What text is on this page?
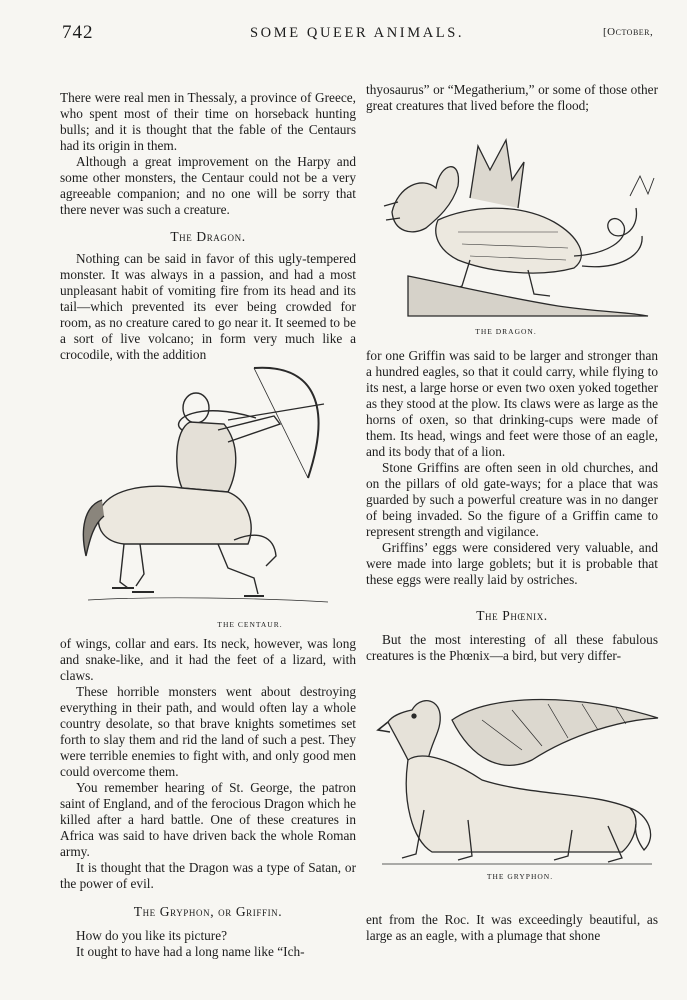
742	SOME QUEER ANIMALS.	[October,

There were real men in Thessaly, a province of Greece, who spent most of their time on horseback hunting bulls; and it is thought that the fable of the Centaurs had its origin in them.

Although a great improvement on the Harpy and some other monsters, the Centaur could not be a very agreeable companion; and no one will be sorry that there never was such a creature.

The Dragon.

Nothing can be said in favor of this ugly-tempered monster. It was always in a passion, and had a most unpleasant habit of vomiting fire from its head and its tail—which prevented its ever being crowded for room, as no creature cared to go near it. It seemed to be a sort of live volcano; in form very much like a crocodile, with the addition

THE CENTAUR.

of wings, collar and ears. Its neck, however, was long and snake-like, and it had the feet of a lizard, with claws.

These horrible monsters went about destroying everything in their path, and would often lay a whole country desolate, so that brave knights sometimes set forth to slay them and rid the land of such a pest. They were terrible enemies to fight with, and only good men could overcome them.

You remember hearing of St. George, the patron saint of England, and of the ferocious Dragon which he killed after a hard battle. One of these creatures in Africa was said to have driven back the whole Roman army.

It is thought that the Dragon was a type of Satan, or the power of evil.

The Gryphon, or Griffin.

How do you like its picture?

It ought to have had a long name like “Ich-

thyosaurus” or “Megatherium,” or some of those other great creatures that lived before the flood;

THE DRAGON.

for one Griffin was said to be larger and stronger than a hundred eagles, so that it could carry, while flying to its nest, a large horse or even two oxen yoked together as they stood at the plow. Its claws were as large as the horns of oxen, so that drinking-cups were made of them. Its head, wings and feet were those of an eagle, and its body that of a lion.

Stone Griffins are often seen in old churches, and on the pillars of old gate-ways; for a place that was guarded by such a powerful creature was in no danger of being invaded. So the figure of a Griffin came to represent strength and vigilance.

Griffins’ eggs were considered very valuable, and were made into large goblets; but it is probable that these eggs were really laid by ostriches.

The Phœnix.

But the most interesting of all these fabulous creatures is the Phœnix—a bird, but very differ-

THE GRYPHON.

ent from the Roc. It was exceedingly beautiful, as large as an eagle, with a plumage that shone
